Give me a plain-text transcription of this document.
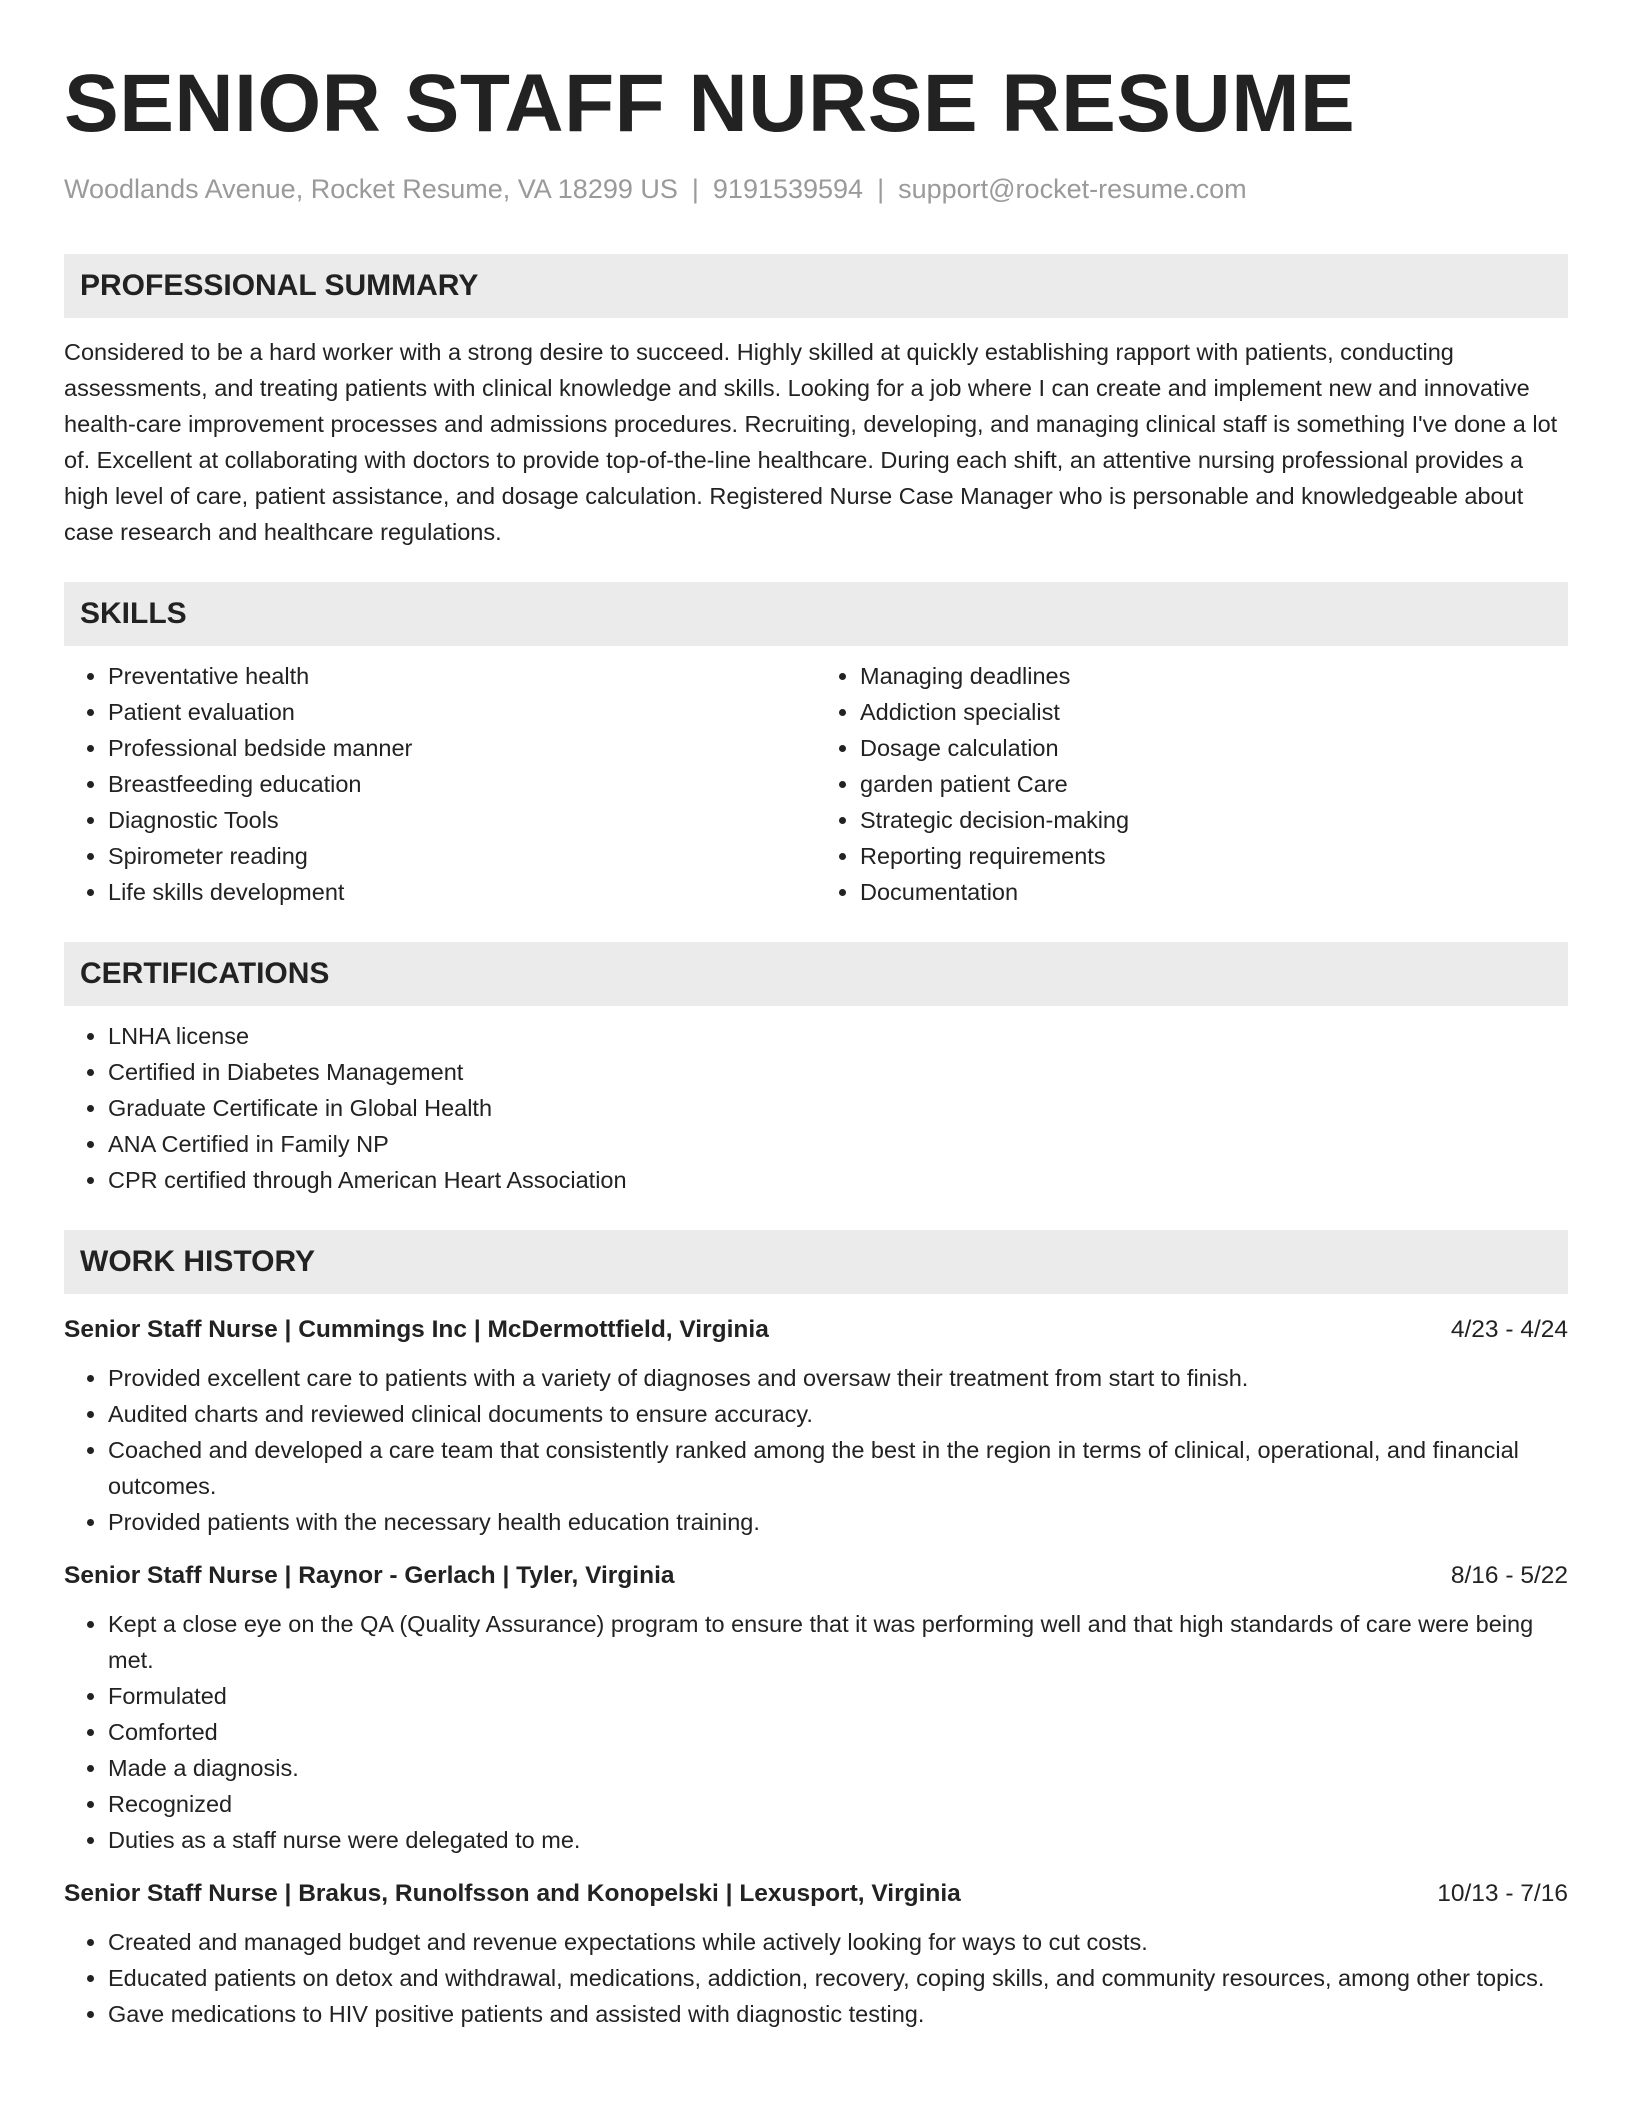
SENIOR STAFF NURSE RESUME
Woodlands Avenue, Rocket Resume, VA 18299 US | 9191539594 | support@rocket-resume.com
PROFESSIONAL SUMMARY
Considered to be a hard worker with a strong desire to succeed. Highly skilled at quickly establishing rapport with patients, conducting assessments, and treating patients with clinical knowledge and skills. Looking for a job where I can create and implement new and innovative health-care improvement processes and admissions procedures. Recruiting, developing, and managing clinical staff is something I've done a lot of. Excellent at collaborating with doctors to provide top-of-the-line healthcare. During each shift, an attentive nursing professional provides a high level of care, patient assistance, and dosage calculation. Registered Nurse Case Manager who is personable and knowledgeable about case research and healthcare regulations.
SKILLS
• Preventative health
• Patient evaluation
• Professional bedside manner
• Breastfeeding education
• Diagnostic Tools
• Spirometer reading
• Life skills development
• Managing deadlines
• Addiction specialist
• Dosage calculation
• garden patient Care
• Strategic decision-making
• Reporting requirements
• Documentation
CERTIFICATIONS
• LNHA license
• Certified in Diabetes Management
• Graduate Certificate in Global Health
• ANA Certified in Family NP
• CPR certified through American Heart Association
WORK HISTORY
Senior Staff Nurse | Cummings Inc | McDermottfield, Virginia	4/23 - 4/24
• Provided excellent care to patients with a variety of diagnoses and oversaw their treatment from start to finish.
• Audited charts and reviewed clinical documents to ensure accuracy.
• Coached and developed a care team that consistently ranked among the best in the region in terms of clinical, operational, and financial outcomes.
• Provided patients with the necessary health education training.
Senior Staff Nurse | Raynor - Gerlach | Tyler, Virginia	8/16 - 5/22
• Kept a close eye on the QA (Quality Assurance) program to ensure that it was performing well and that high standards of care were being met.
• Formulated
• Comforted
• Made a diagnosis.
• Recognized
• Duties as a staff nurse were delegated to me.
Senior Staff Nurse | Brakus, Runolfsson and Konopelski | Lexusport, Virginia	10/13 - 7/16
• Created and managed budget and revenue expectations while actively looking for ways to cut costs.
• Educated patients on detox and withdrawal, medications, addiction, recovery, coping skills, and community resources, among other topics.
• Gave medications to HIV positive patients and assisted with diagnostic testing.
